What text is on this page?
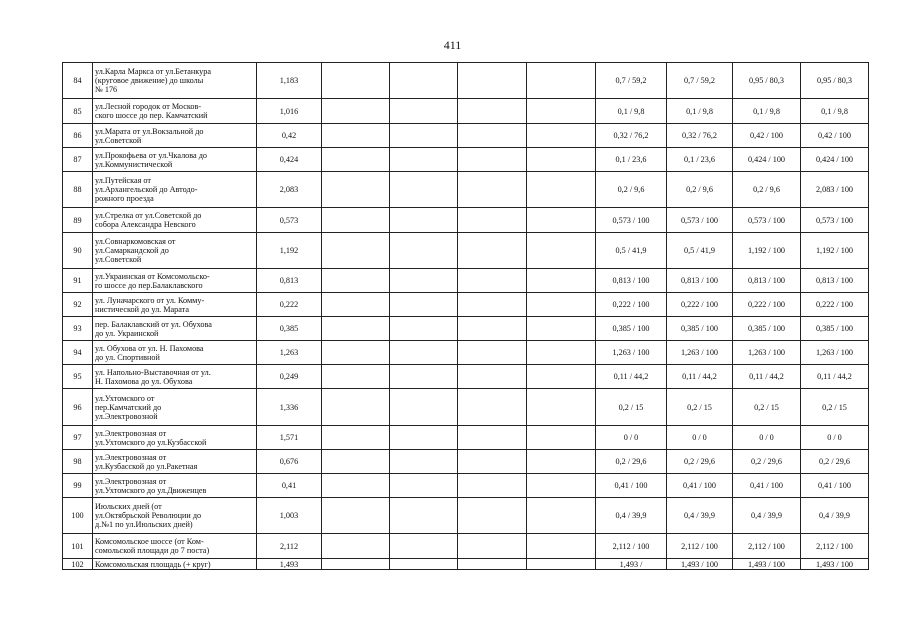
411
84	ул.Карла Маркса от ул.Бетанкура
(круговое движение) до школы
№ 176	1,183					0,7 / 59,2	0,7 / 59,2	0,95 / 80,3	0,95 / 80,3
85	ул.Лесной городок от Москов-
ского шоссе до пер. Камчатский	1,016					0,1 / 9,8	0,1 / 9,8	0,1 / 9,8	0,1 / 9,8
86	ул.Марата от ул.Вокзальной до
ул.Советской	0,42					0,32 / 76,2	0,32 / 76,2	0,42 / 100	0,42 / 100
87	ул.Прокофьева от ул.Чкалова до
ул.Коммунистической	0,424					0,1 / 23,6	0,1 / 23,6	0,424 / 100	0,424 / 100
88	ул.Путейская от
ул.Архангельской до Автодо-
рожного проезда	2,083					0,2 / 9,6	0,2 / 9,6	0,2 / 9,6	2,083 / 100
89	ул.Стрелка от ул.Советской до
собора Александра Невского	0,573					0,573 / 100	0,573 / 100	0,573 / 100	0,573 / 100
90	ул.Совнаркомовская от
ул.Самаркандской до
ул.Советской	1,192					0,5 / 41,9	0,5 / 41,9	1,192 / 100	1,192 / 100
91	ул.Украинская от Комсомольско-
го шоссе до пер.Балаклавского	0,813					0,813 / 100	0,813 / 100	0,813 / 100	0,813 / 100
92	ул. Луначарского от ул. Комму-
нистической до ул. Марата	0,222					0,222 / 100	0,222 / 100	0,222 / 100	0,222 / 100
93	пер. Балаклавский от ул. Обухова
до ул. Украинской	0,385					0,385 / 100	0,385 / 100	0,385 / 100	0,385 / 100
94	ул. Обухова от ул. Н. Пахомова
до ул. Спортивной	1,263					1,263 / 100	1,263 / 100	1,263 / 100	1,263 / 100
95	ул. Напольно-Выставочная от ул.
Н. Пахомова до ул. Обухова	0,249					0,11 / 44,2	0,11 / 44,2	0,11 / 44,2	0,11 / 44,2
96	ул.Ухтомского от
пер.Камчатский до
ул.Электровозной	1,336					0,2 / 15	0,2 / 15	0,2 / 15	0,2 / 15
97	ул.Электровозная от
ул.Ухтомского до ул.Кузбасской	1,571					0 / 0	0 / 0	0 / 0	0 / 0
98	ул.Электровозная от
ул.Кузбасской до ул.Ракетная	0,676					0,2 / 29,6	0,2 / 29,6	0,2 / 29,6	0,2 / 29,6
99	ул.Электровозная от
ул.Ухтомского до ул.Движенцев	0,41					0,41 / 100	0,41 / 100	0,41 / 100	0,41 / 100
100	Июльских дней (от
ул.Октябрьской Революции до
д.№1 по ул.Июльских дней)	1,003					0,4 / 39,9	0,4 / 39,9	0,4 / 39,9	0,4 / 39,9
101	Комсомольское шоссе (от Ком-
сомольской площади до 7 поста)	2,112					2,112 / 100	2,112 / 100	2,112 / 100	2,112 / 100
102	Комсомольская площадь (+ круг)	1,493					1,493 /	1,493 / 100	1,493 / 100	1,493 / 100
